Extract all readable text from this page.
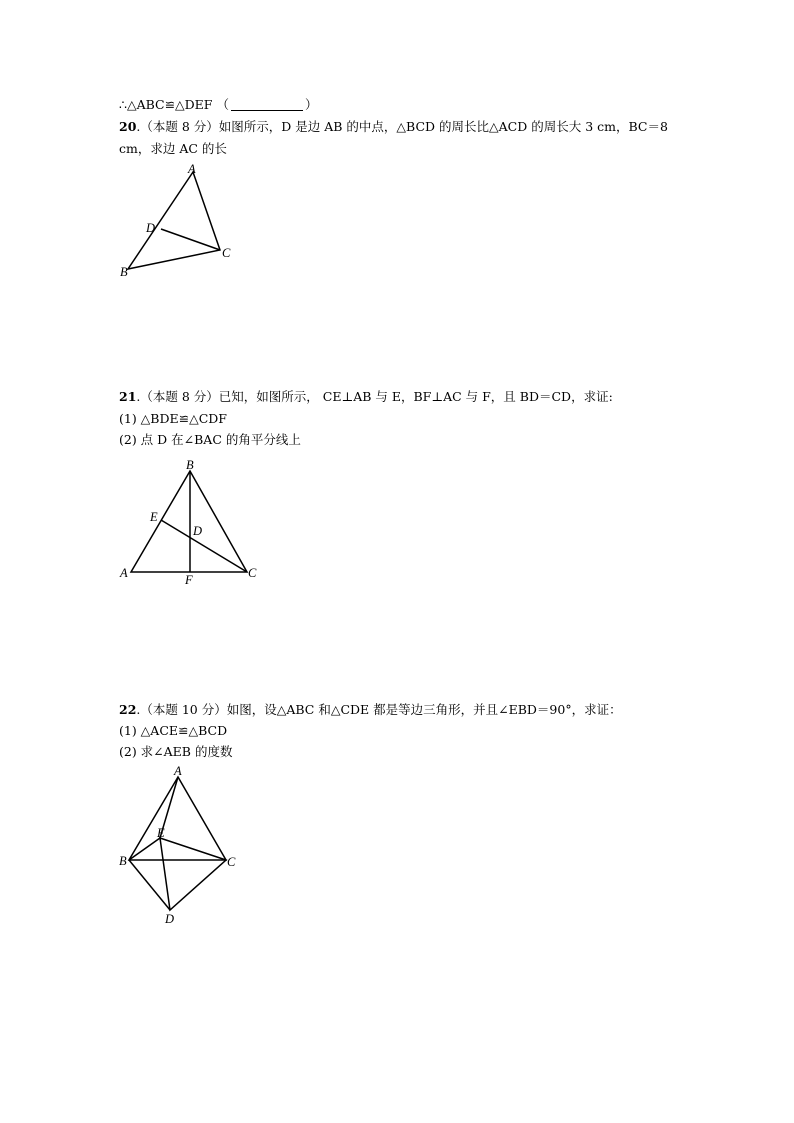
∴△ABC≌△DEF （	）
20.（本题 8 分）如图所示，D 是边 AB 的中点，△BCD 的周长比△ACD 的周长大 3 cm，BC＝8
cm，求边 AC 的长
A
D
C
B
21.（本题 8 分）已知，如图所示， CE⊥AB 与 E，BF⊥AC 与 F，且 BD＝CD，求证:
(1) △BDE≌△CDF
(2) 点 D 在∠BAC 的角平分线上
B
E
D
A	F	C
22.（本题 10 分）如图，设△ABC 和△CDE 都是等边三角形，并且∠EBD＝90°，求证：
(1) △ACE≌△BCD
(2) 求∠AEB 的度数
A
E
B	C
D
